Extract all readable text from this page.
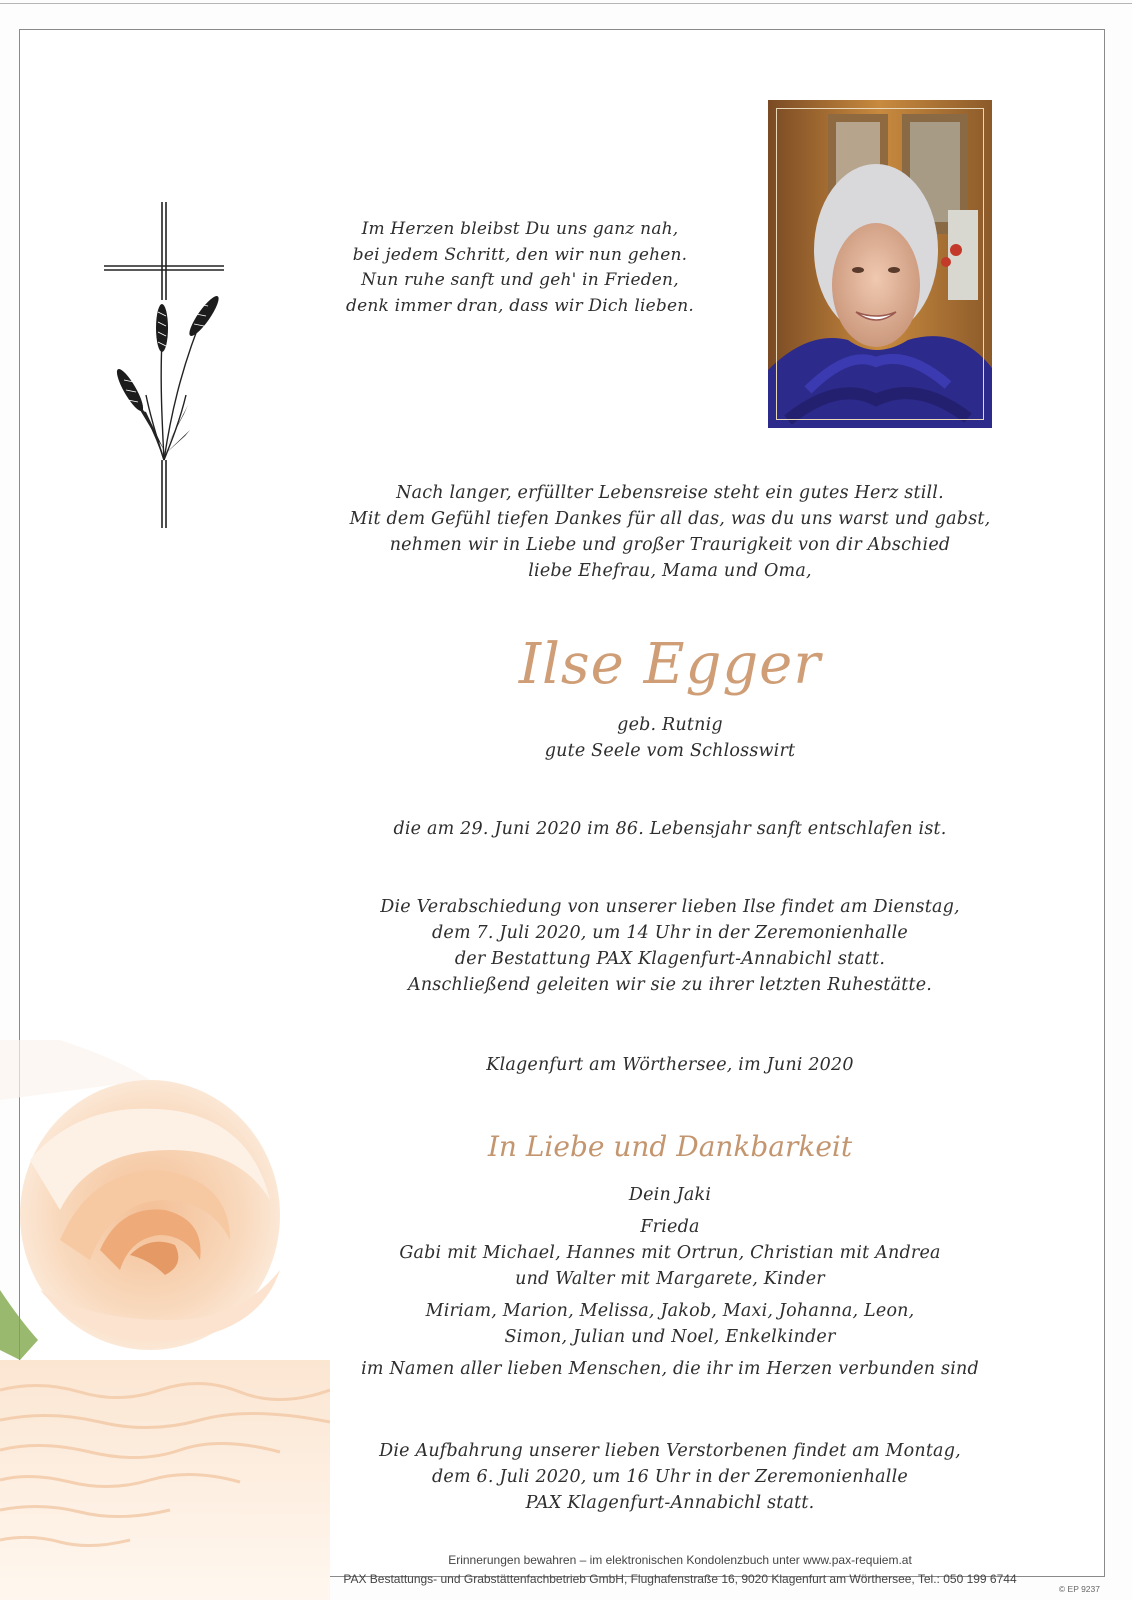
Im Herzen bleibst Du uns ganz nah,
bei jedem Schritt, den wir nun gehen.
Nun ruhe sanft und geh' in Frieden,
denk immer dran, dass wir Dich lieben.
Nach langer, erfüllter Lebensreise steht ein gutes Herz still.
Mit dem Gefühl tiefen Dankes für all das, was du uns warst und gabst,
nehmen wir in Liebe und großer Traurigkeit von dir Abschied
liebe Ehefrau, Mama und Oma,
Ilse Egger
geb. Rutnig
gute Seele vom Schlosswirt
die am 29. Juni 2020 im 86. Lebensjahr sanft entschlafen ist.
Die Verabschiedung von unserer lieben Ilse findet am Dienstag,
dem 7. Juli 2020, um 14 Uhr in der Zeremonienhalle
der Bestattung PAX Klagenfurt-Annabichl statt.
Anschließend geleiten wir sie zu ihrer letzten Ruhestätte.
Klagenfurt am Wörthersee, im Juni 2020
In Liebe und Dankbarkeit
Dein Jaki
Frieda
Gabi mit Michael, Hannes mit Ortrun, Christian mit Andrea
und Walter mit Margarete, Kinder
Miriam, Marion, Melissa, Jakob, Maxi, Johanna, Leon,
Simon, Julian und Noel, Enkelkinder
im Namen aller lieben Menschen, die ihr im Herzen verbunden sind
Die Aufbahrung unserer lieben Verstorbenen findet am Montag,
dem 6. Juli 2020, um 16 Uhr in der Zeremonienhalle
PAX Klagenfurt-Annabichl statt.
Erinnerungen bewahren – im elektronischen Kondolenzbuch unter www.pax-requiem.at
PAX Bestattungs- und Grabstättenfachbetrieb GmbH, Flughafenstraße 16, 9020 Klagenfurt am Wörthersee, Tel.: 050 199 6744
© EP 9237
